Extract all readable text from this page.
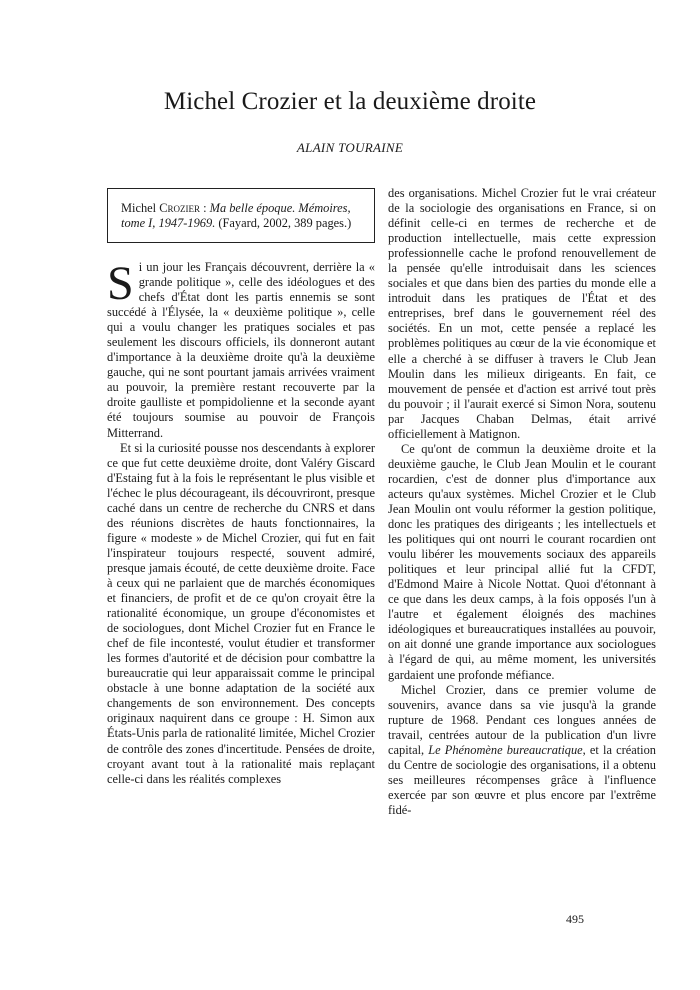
Michel Crozier et la deuxième droite
ALAIN TOURAINE
Michel Crozier : Ma belle époque. Mémoires, tome I, 1947-1969. (Fayard, 2002, 389 pages.)

Si un jour les Français découvrent, derrière la « grande politique », celle des idéologues et des chefs d'État dont les partis ennemis se sont succédé à l'Élysée, la « deuxième politique », celle qui a voulu changer les pratiques sociales et pas seulement les discours officiels, ils donneront autant d'importance à la deuxième droite qu'à la deuxième gauche, qui ne sont pourtant jamais arrivées vraiment au pouvoir, la première restant recouverte par la droite gaulliste et pompidolienne et la seconde ayant été toujours soumise au pouvoir de François Mitterrand.

Et si la curiosité pousse nos descendants à explorer ce que fut cette deuxième droite, dont Valéry Giscard d'Estaing fut à la fois le représentant le plus visible et l'échec le plus décourageant, ils découvriront, presque caché dans un centre de recherche du CNRS et dans des réunions discrètes de hauts fonctionnaires, la figure « modeste » de Michel Crozier, qui fut en fait l'inspirateur toujours respecté, souvent admiré, presque jamais écouté, de cette deuxième droite. Face à ceux qui ne parlaient que de marchés économiques et financiers, de profit et de ce qu'on croyait être la rationalité économique, un groupe d'économistes et de sociologues, dont Michel Crozier fut en France le chef de file incontesté, voulut étudier et transformer les formes d'autorité et de décision pour combattre la bureaucratie qui leur apparaissait comme le principal obstacle à une bonne adaptation de la société aux changements de son environnement. Des concepts originaux naquirent dans ce groupe : H. Simon aux États-Unis parla de rationalité limitée, Michel Crozier de contrôle des zones d'incertitude. Pensées de droite, croyant avant tout à la rationalité mais replaçant celle-ci dans les réalités complexes

des organisations. Michel Crozier fut le vrai créateur de la sociologie des organisations en France, si on définit celle-ci en termes de recherche et de production intellectuelle, mais cette expression professionnelle cache le profond renouvellement de la pensée qu'elle introduisait dans les sciences sociales et que dans bien des parties du monde elle a introduit dans les pratiques de l'État et des entreprises, bref dans le gouvernement réel des sociétés. En un mot, cette pensée a replacé les problèmes politiques au cœur de la vie économique et elle a cherché à se diffuser à travers le Club Jean Moulin dans les milieux dirigeants. En fait, ce mouvement de pensée et d'action est arrivé tout près du pouvoir ; il l'aurait exercé si Simon Nora, soutenu par Jacques Chaban Delmas, était arrivé officiellement à Matignon.

Ce qu'ont de commun la deuxième droite et la deuxième gauche, le Club Jean Moulin et le courant rocardien, c'est de donner plus d'importance aux acteurs qu'aux systèmes. Michel Crozier et le Club Jean Moulin ont voulu réformer la gestion politique, donc les pratiques des dirigeants ; les intellectuels et les politiques qui ont nourri le courant rocardien ont voulu libérer les mouvements sociaux des appareils politiques et leur principal allié fut la CFDT, d'Edmond Maire à Nicole Nottat. Quoi d'étonnant à ce que dans les deux camps, à la fois opposés l'un à l'autre et également éloignés des machines idéologiques et bureaucratiques installées au pouvoir, on ait donné une grande importance aux sociologues à l'égard de qui, au même moment, les universités gardaient une profonde méfiance.

Michel Crozier, dans ce premier volume de souvenirs, avance dans sa vie jusqu'à la grande rupture de 1968. Pendant ces longues années de travail, centrées autour de la publication d'un livre capital, Le Phénomène bureaucratique, et la création du Centre de sociologie des organisations, il a obtenu ses meilleures récompenses grâce à l'influence exercée par son œuvre et plus encore par l'extrême fidé-

495
